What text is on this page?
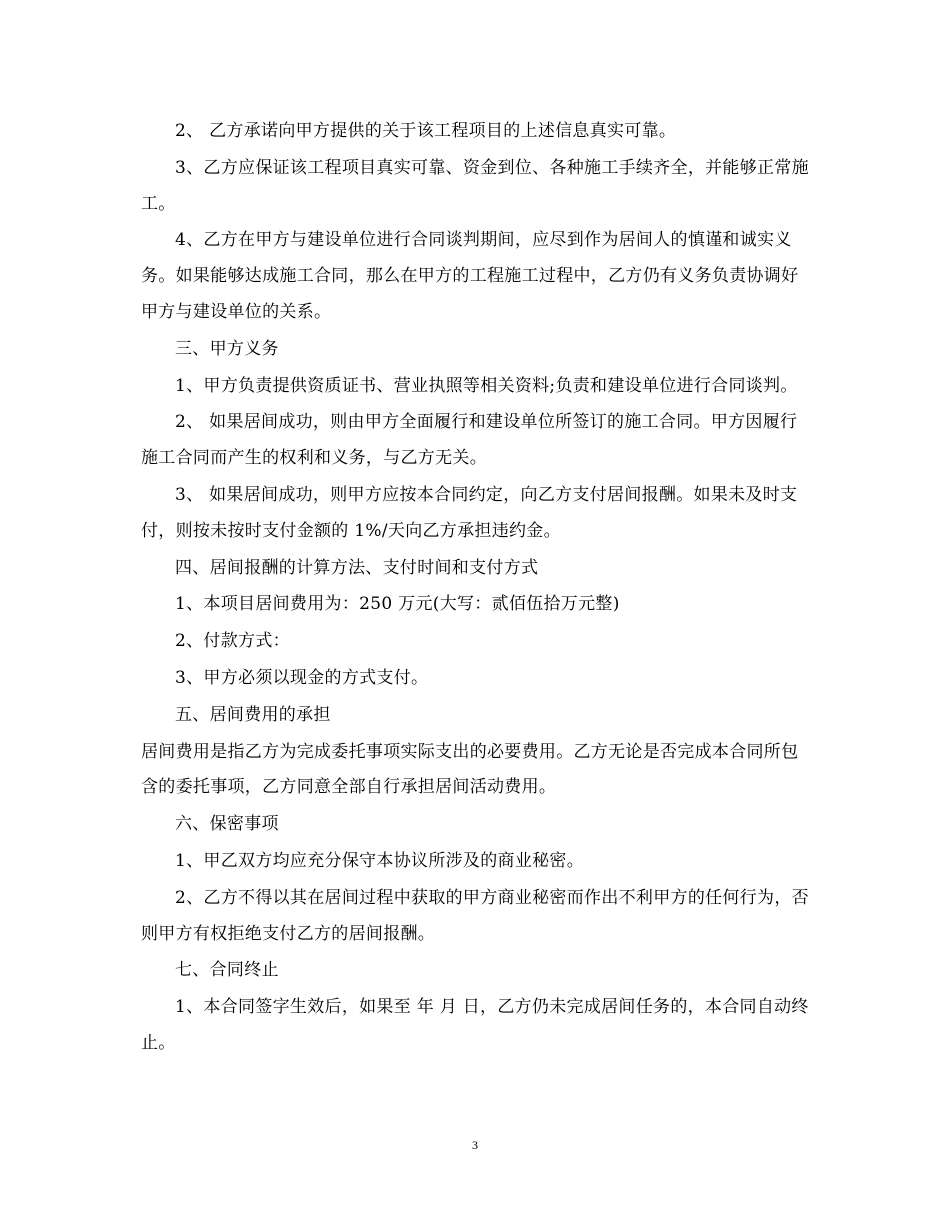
2、 乙方承诺向甲方提供的关于该工程项目的上述信息真实可靠。

3、乙方应保证该工程项目真实可靠、资金到位、各种施工手续齐全，并能够正常施工。

4、乙方在甲方与建设单位进行合同谈判期间，应尽到作为居间人的慎谨和诚实义务。如果能够达成施工合同，那么在甲方的工程施工过程中，乙方仍有义务负责协调好甲方与建设单位的关系。

三、甲方义务

1、甲方负责提供资质证书、营业执照等相关资料;负责和建设单位进行合同谈判。

2、 如果居间成功，则由甲方全面履行和建设单位所签订的施工合同。甲方因履行施工合同而产生的权利和义务，与乙方无关。

3、 如果居间成功，则甲方应按本合同约定，向乙方支付居间报酬。如果未及时支付，则按未按时支付金额的 1%/天向乙方承担违约金。

四、居间报酬的计算方法、支付时间和支付方式

1、本项目居间费用为：250 万元(大写：贰佰伍拾万元整)

2、付款方式：

3、甲方必须以现金的方式支付。

五、居间费用的承担

居间费用是指乙方为完成委托事项实际支出的必要费用。乙方无论是否完成本合同所包含的委托事项，乙方同意全部自行承担居间活动费用。

六、保密事项

1、甲乙双方均应充分保守本协议所涉及的商业秘密。

2、乙方不得以其在居间过程中获取的甲方商业秘密而作出不利甲方的任何行为，否则甲方有权拒绝支付乙方的居间报酬。

七、合同终止

1、本合同签字生效后，如果至 年 月 日，乙方仍未完成居间任务的，本合同自动终止。

3
